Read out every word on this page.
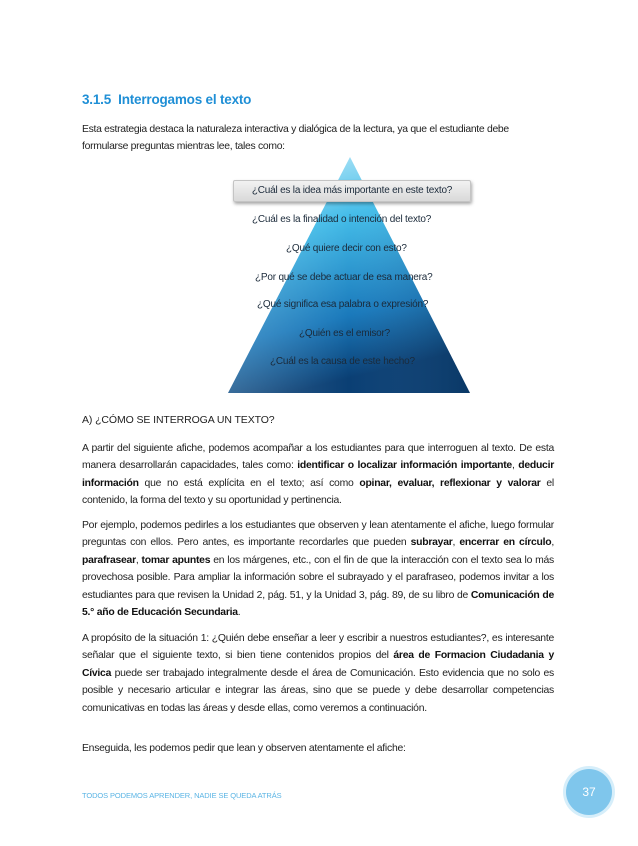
3.1.5 Interrogamos el texto
Esta estrategia destaca la naturaleza interactiva y dialógica de la lectura, ya que el estudiante debe formularse preguntas mientras lee, tales como:
¿Cuál es la idea más importante en este texto?
¿Cuál es la finalidad o intención del texto?
¿Qué quiere decir con esto?
¿Por qué se debe actuar de esa manera?
¿Qué significa esa palabra o expresión?
¿Quién es el emisor?
¿Cuál es la causa de este hecho?
A) ¿CÓMO SE INTERROGA UN TEXTO?
A partir del siguiente afiche, podemos acompañar a los estudiantes para que interroguen al texto. De esta manera desarrollarán capacidades, tales como: identificar o localizar información importante, deducir información que no está explícita en el texto; así como opinar, evaluar, reflexionar y valorar el contenido, la forma del texto y su oportunidad y pertinencia.
Por ejemplo, podemos pedirles a los estudiantes que observen y lean atentamente el afiche, luego formular preguntas con ellos. Pero antes, es importante recordarles que pueden subrayar, encerrar en círculo, parafrasear, tomar apuntes en los márgenes, etc., con el fin de que la interacción con el texto sea lo más provechosa posible. Para ampliar la información sobre el subrayado y el parafraseo, podemos invitar a los estudiantes para que revisen la Unidad 2, pág. 51, y la Unidad 3, pág. 89, de su libro de Comunicación de 5.° año de Educación Secundaria.
A propósito de la situación 1: ¿Quién debe enseñar a leer y escribir a nuestros estudiantes?, es interesante señalar que el siguiente texto, si bien tiene contenidos propios del área de Formacion Ciudadania y Cívica puede ser trabajado integralmente desde el área de Comunicación. Esto evidencia que no solo es posible y necesario articular e integrar las áreas, sino que se puede y debe desarrollar competencias comunicativas en todas las áreas y desde ellas, como veremos a continuación.
Enseguida, les podemos pedir que lean y observen atentamente el afiche:
TODOS PODEMOS APRENDER, NADIE SE QUEDA ATRÁS	37
